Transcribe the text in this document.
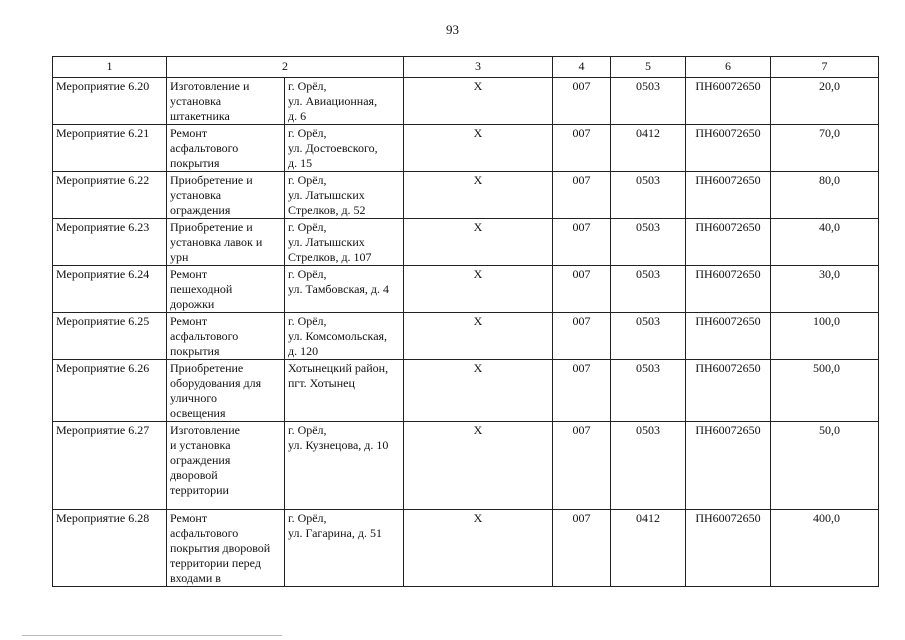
93
1	2		3	4	5	6	7
Мероприятие 6.20	Изготовление и
установка
штакетника	г. Орёл,
ул. Авиационная,
д. 6	Х	007	0503	ПН60072650	20,0
Мероприятие 6.21	Ремонт
асфальтового
покрытия	г. Орёл,
ул. Достоевского,
д. 15	Х	007	0412	ПН60072650	70,0
Мероприятие 6.22	Приобретение и
установка
ограждения	г. Орёл,
ул. Латышских
Стрелков, д. 52	Х	007	0503	ПН60072650	80,0
Мероприятие 6.23	Приобретение и
установка лавок и
урн	г. Орёл,
ул. Латышских
Стрелков, д. 107	Х	007	0503	ПН60072650	40,0
Мероприятие 6.24	Ремонт
пешеходной
дорожки	г. Орёл,
ул. Тамбовская, д. 4	Х	007	0503	ПН60072650	30,0
Мероприятие 6.25	Ремонт
асфальтового
покрытия	г. Орёл,
ул. Комсомольская,
д. 120	Х	007	0503	ПН60072650	100,0
Мероприятие 6.26	Приобретение
оборудования для
уличного
освещения	Хотынецкий район,
пгт. Хотынец	Х	007	0503	ПН60072650	500,0
Мероприятие 6.27	Изготовление
и установка
ограждения
дворовой
территории	г. Орёл,
ул. Кузнецова, д. 10	Х	007	0503	ПН60072650	50,0
Мероприятие 6.28	Ремонт
асфальтового
покрытия дворовой
территории перед
входами в	г. Орёл,
ул. Гагарина, д. 51	Х	007	0412	ПН60072650	400,0
